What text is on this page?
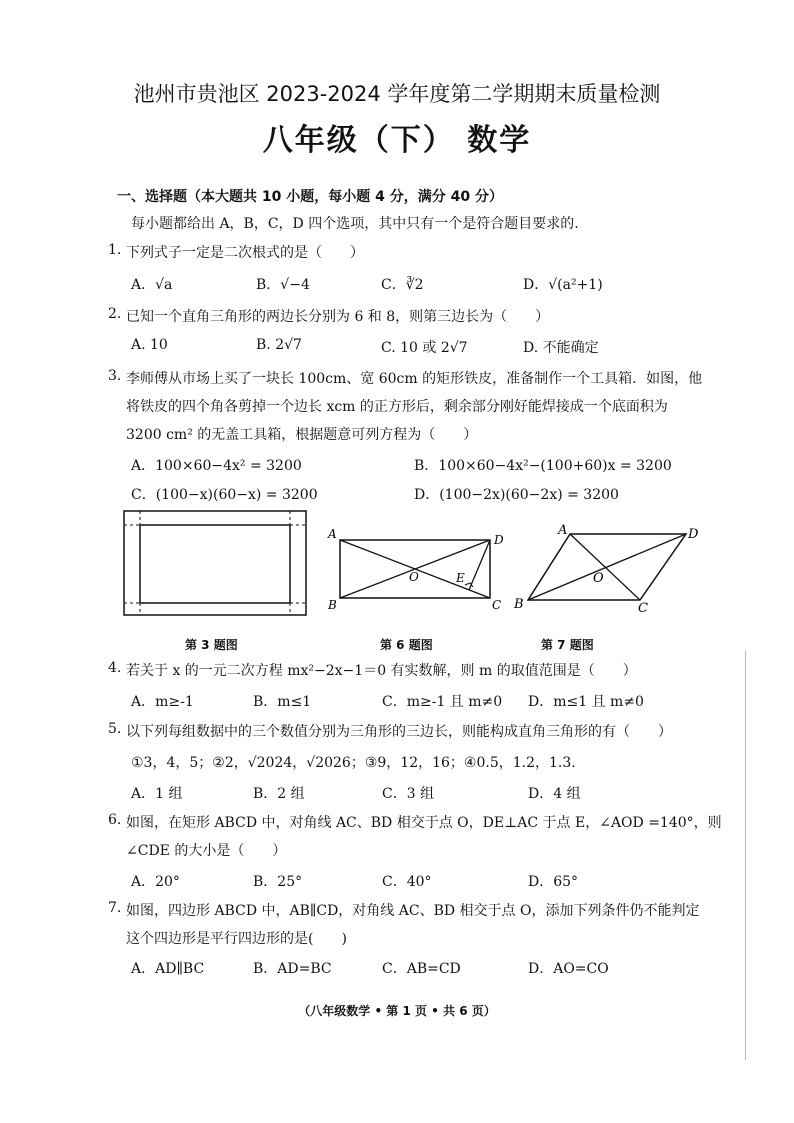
池州市贵池区 2023-2024 学年度第二学期期末质量检测
八年级（下） 数学
一、选择题（本大题共 10 小题，每小题 4 分，满分 40 分）
每小题都给出 A，B，C，D 四个选项，其中只有一个是符合题目要求的.
1. 下列式子一定是二次根式的是（　　）
A．√a	B．√−4	C．∛2	D．√(a²+1)
2. 已知一个直角三角形的两边长分别为 6 和 8，则第三边长为（　　）
A. 10	B. 2√7	C. 10 或 2√7	D. 不能确定
3. 李师傅从市场上买了一块长 100cm、宽 60cm 的矩形铁皮，准备制作一个工具箱．如图，他
将铁皮的四个角各剪掉一个边长 xcm 的正方形后，剩余部分刚好能焊接成一个底面积为
3200 cm² 的无盖工具箱，根据题意可列方程为（　　）
A．100×60−4x² = 3200	B．100×60−4x²−(100+60)x = 3200
C．(100−x)(60−x) = 3200	D．(100−2x)(60−2x) = 3200
A	D
B	C
O	E
A	D
B	C
O
第 3 题图	第 6 题图	第 7 题图
4. 若关于 x 的一元二次方程 mx²−2x−1＝0 有实数解，则 m 的取值范围是（　　）
A．m≥-1	B．m≤1	C．m≥-1 且 m≠0 D．m≤1 且 m≠0
5. 以下列每组数据中的三个数值分别为三角形的三边长，则能构成直角三角形的有（　　）
①3，4，5；②2，√2024，√2026；③9，12，16；④0.5，1.2，1.3.
A．1 组	B．2 组	C．3 组	D．4 组
6. 如图，在矩形 ABCD 中，对角线 AC、BD 相交于点 O，DE⊥AC 于点 E，∠AOD =140°，则
∠CDE 的大小是（　　）
A．20°	B．25°	C．40°	D．65°
7. 如图，四边形 ABCD 中，AB∥CD，对角线 AC、BD 相交于点 O，添加下列条件仍不能判定
这个四边形是平行四边形的是(　　)
A．AD∥BC	B．AD=BC	C．AB=CD	D．AO=CO
（八年级数学 • 第 1 页 • 共 6 页）
